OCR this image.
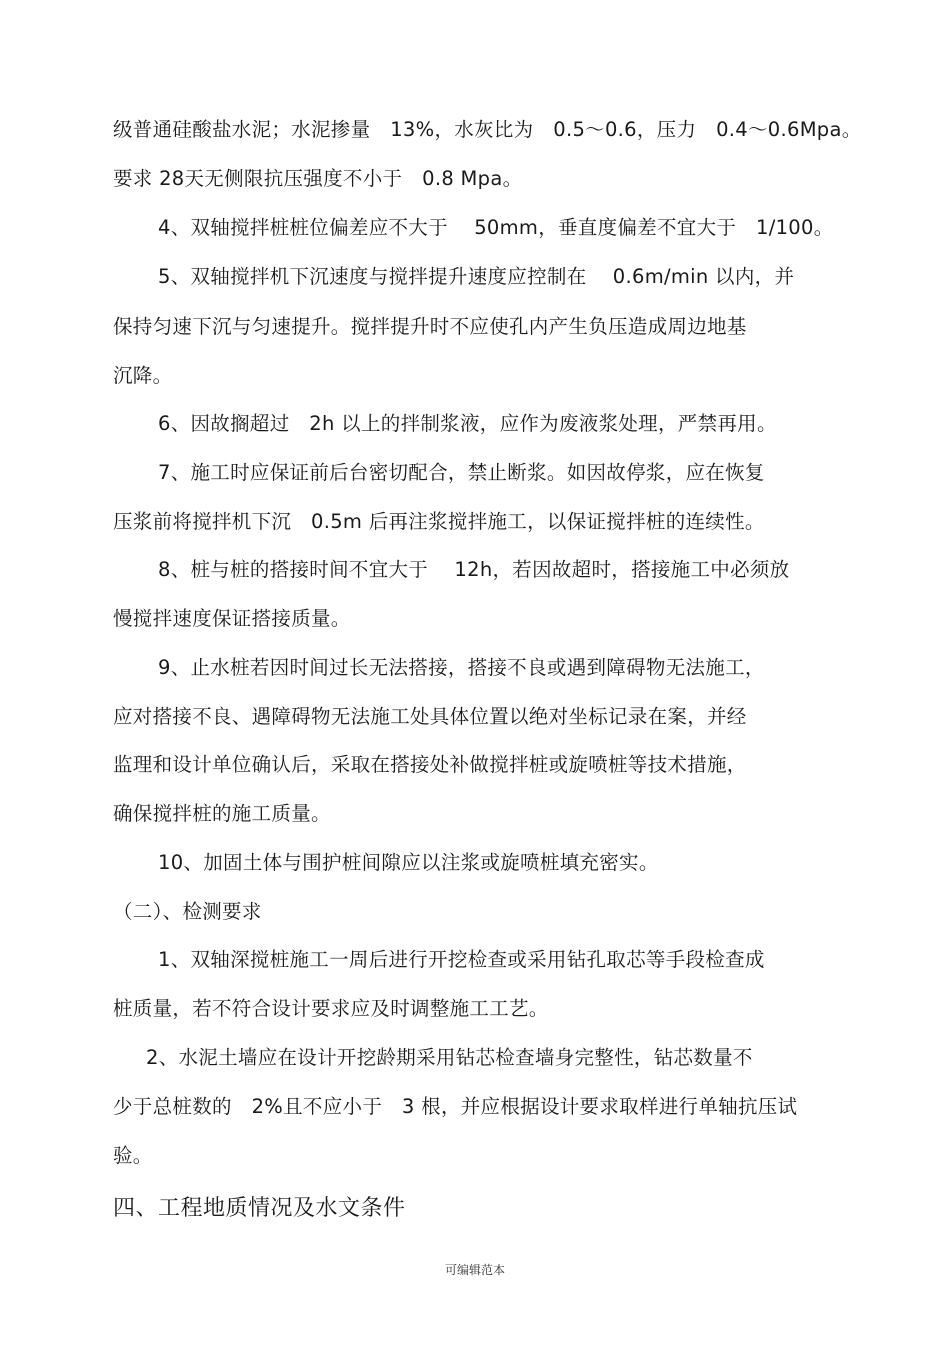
级普通硅酸盐水泥；水泥掺量　13%，水灰比为　0.5～0.6，压力　0.4～0.6Mpa。
要求 28天无侧限抗压强度不小于　0.8 Mpa。
4、双轴搅拌桩桩位偏差应不大于　 50mm，垂直度偏差不宜大于　1/100。
5、双轴搅拌机下沉速度与搅拌提升速度应控制在　 0.6m/min 以内，并
保持匀速下沉与匀速提升。搅拌提升时不应使孔内产生负压造成周边地基
沉降。
6、因故搁超过　2h 以上的拌制浆液，应作为废液浆处理，严禁再用。
7、施工时应保证前后台密切配合，禁止断浆。如因故停浆，应在恢复
压浆前将搅拌机下沉　0.5m 后再注浆搅拌施工，以保证搅拌桩的连续性。
8、桩与桩的搭接时间不宜大于　 12h，若因故超时，搭接施工中必须放
慢搅拌速度保证搭接质量。
9、止水桩若因时间过长无法搭接，搭接不良或遇到障碍物无法施工，
应对搭接不良、遇障碍物无法施工处具体位置以绝对坐标记录在案，并经
监理和设计单位确认后，采取在搭接处补做搅拌桩或旋喷桩等技术措施，
确保搅拌桩的施工质量。
10、加固土体与围护桩间隙应以注浆或旋喷桩填充密实。
（二）、检测要求
1、双轴深搅桩施工一周后进行开挖检查或采用钻孔取芯等手段检查成
桩质量，若不符合设计要求应及时调整施工工艺。
2、水泥土墙应在设计开挖龄期采用钻芯检查墙身完整性，钻芯数量不
少于总桩数的　2%且不应小于　3 根，并应根据设计要求取样进行单轴抗压试
验。
四、工程地质情况及水文条件
可编辑范本
